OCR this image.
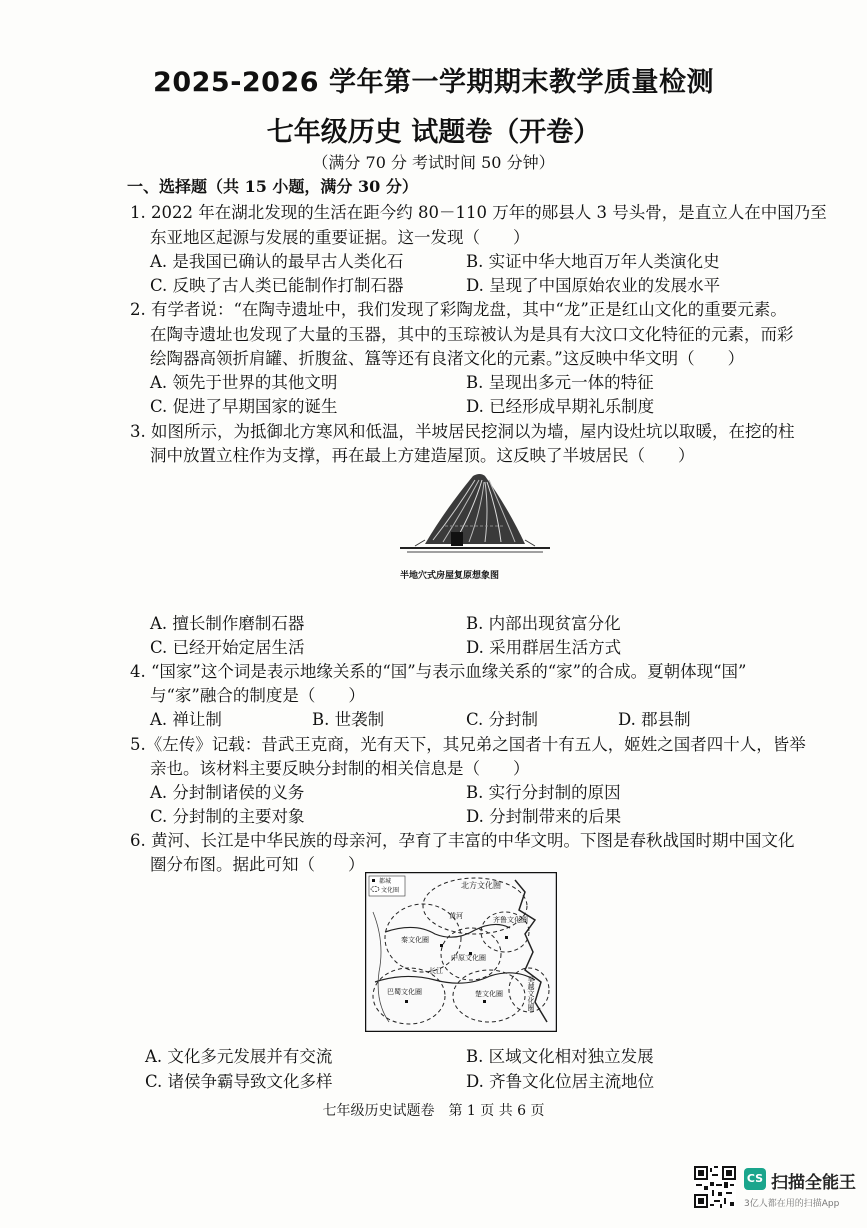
2025-2026 学年第一学期期末教学质量检测
七年级历史 试题卷（开卷）
（满分 70 分 考试时间 50 分钟）
一、选择题（共 15 小题，满分 30 分）
1. 2022 年在湖北发现的生活在距今约 80－110 万年的郧县人 3 号头骨，是直立人在中国乃至
东亚地区起源与发展的重要证据。这一发现（　　）
A. 是我国已确认的最早古人类化石	B. 实证中华大地百万年人类演化史
C. 反映了古人类已能制作打制石器	D. 呈现了中国原始农业的发展水平
2. 有学者说：“在陶寺遗址中，我们发现了彩陶龙盘，其中“龙”正是红山文化的重要元素。
在陶寺遗址也发现了大量的玉器，其中的玉琮被认为是具有大汶口文化特征的元素，而彩
绘陶器高领折肩罐、折腹盆、簋等还有良渚文化的元素。”这反映中华文明（　　）
A. 领先于世界的其他文明	B. 呈现出多元一体的特征
C. 促进了早期国家的诞生	D. 已经形成早期礼乐制度
3. 如图所示，为抵御北方寒风和低温，半坡居民挖洞以为墙，屋内设灶坑以取暖，在挖的柱
洞中放置立柱作为支撑，再在最上方建造屋顶。这反映了半坡居民（　　）
半地穴式房屋复原想象图
A. 擅长制作磨制石器	B. 内部出现贫富分化
C. 已经开始定居生活	D. 采用群居生活方式
4. “国家”这个词是表示地缘关系的“国”与表示血缘关系的“家”的合成。夏朝体现“国”
与“家”融合的制度是（　　）
A. 禅让制	B. 世袭制	C. 分封制	D. 郡县制
5.《左传》记载：昔武王克商，光有天下，其兄弟之国者十有五人，姬姓之国者四十人，皆举
亲也。该材料主要反映分封制的相关信息是（　　）
A. 分封制诸侯的义务	B. 实行分封制的原因
C. 分封制的主要对象	D. 分封制带来的后果
6. 黄河、长江是中华民族的母亲河，孕育了丰富的中华文明。下图是春秋战国时期中国文化
圈分布图。据此可知（　　）
都城
文化圈
北方文化圈
齐鲁文化圈
秦文化圈
中原文化圈
楚文化圈
巴蜀文化圈	吴越文化圈
黄河
长江
A. 文化多元发展并有交流	B. 区域文化相对独立发展
C. 诸侯争霸导致文化多样	D. 齐鲁文化位居主流地位
七年级历史试题卷　第 1 页 共 6 页
CS 扫描全能王
3亿人都在用的扫描App
